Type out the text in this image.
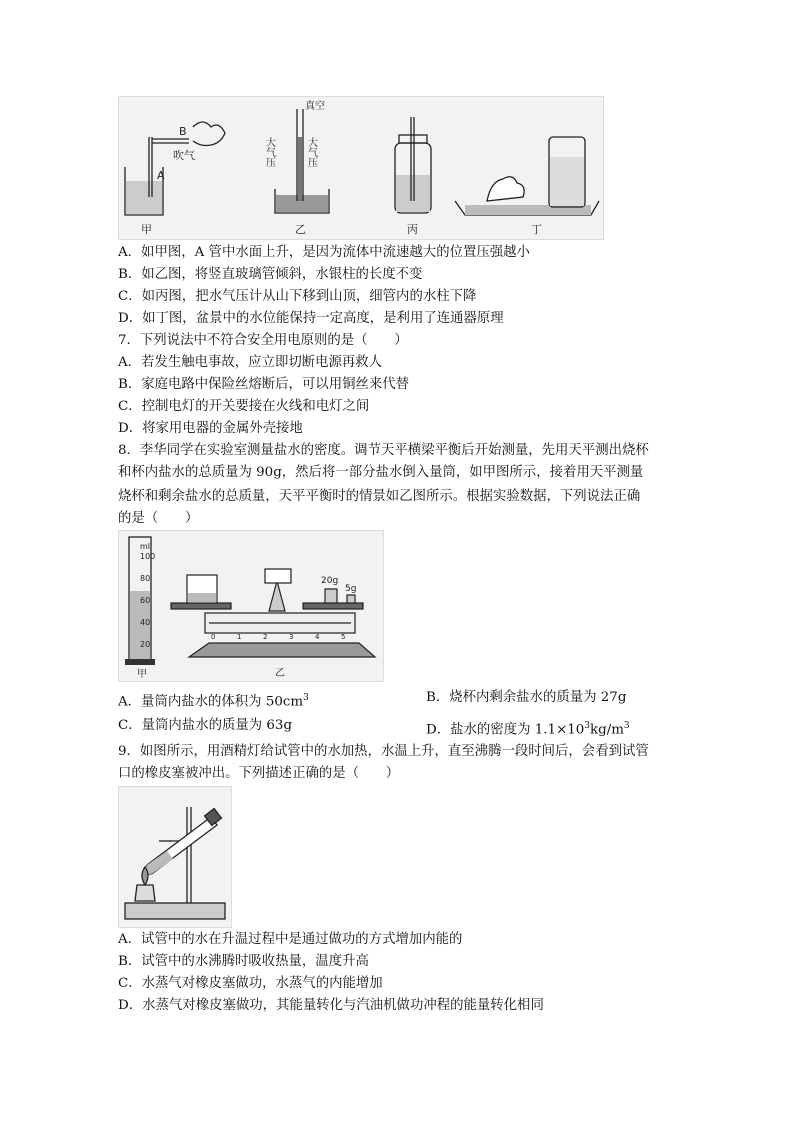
B
A
吹气
甲
真空
大气压	大气压
乙	丙	丁
A．如甲图，A 管中水面上升，是因为流体中流速越大的位置压强越小
B．如乙图，将竖直玻璃管倾斜，水银柱的长度不变
C．如丙图，把水气压计从山下移到山顶，细管内的水柱下降
D．如丁图，盆景中的水位能保持一定高度，是利用了连通器原理
7．下列说法中不符合安全用电原则的是（　　）
A．若发生触电事故，应立即切断电源再救人
B．家庭电路中保险丝熔断后，可以用铜丝来代替
C．控制电灯的开关要接在火线和电灯之间
D．将家用电器的金属外壳接地
8．李华同学在实验室测量盐水的密度。调节天平横梁平衡后开始测量，先用天平测出烧杯
和杯内盐水的总质量为 90g，然后将一部分盐水倒入量筒，如甲图所示，接着用天平测量
烧杯和剩余盐水的总质量，天平平衡时的情景如乙图所示。根据实验数据，下列说法正确
的是（　　）
ml
100
80
60
40
20
甲
20g
5g
0	1	2	3	4	5
乙
A．量筒内盐水的体积为 $50cm^3$	B．烧杯内剩余盐水的质量为 27g
C．量筒内盐水的质量为 63g	D．盐水的密度为 $1.1\times 10^3kg/m^3$
9．如图所示，用酒精灯给试管中的水加热，水温上升，直至沸腾一段时间后，会看到试管
口的橡皮塞被冲出。下列描述正确的是（　　）
A．试管中的水在升温过程中是通过做功的方式增加内能的
B．试管中的水沸腾时吸收热量，温度升高
C．水蒸气对橡皮塞做功，水蒸气的内能增加
D．水蒸气对橡皮塞做功，其能量转化与汽油机做功冲程的能量转化相同
